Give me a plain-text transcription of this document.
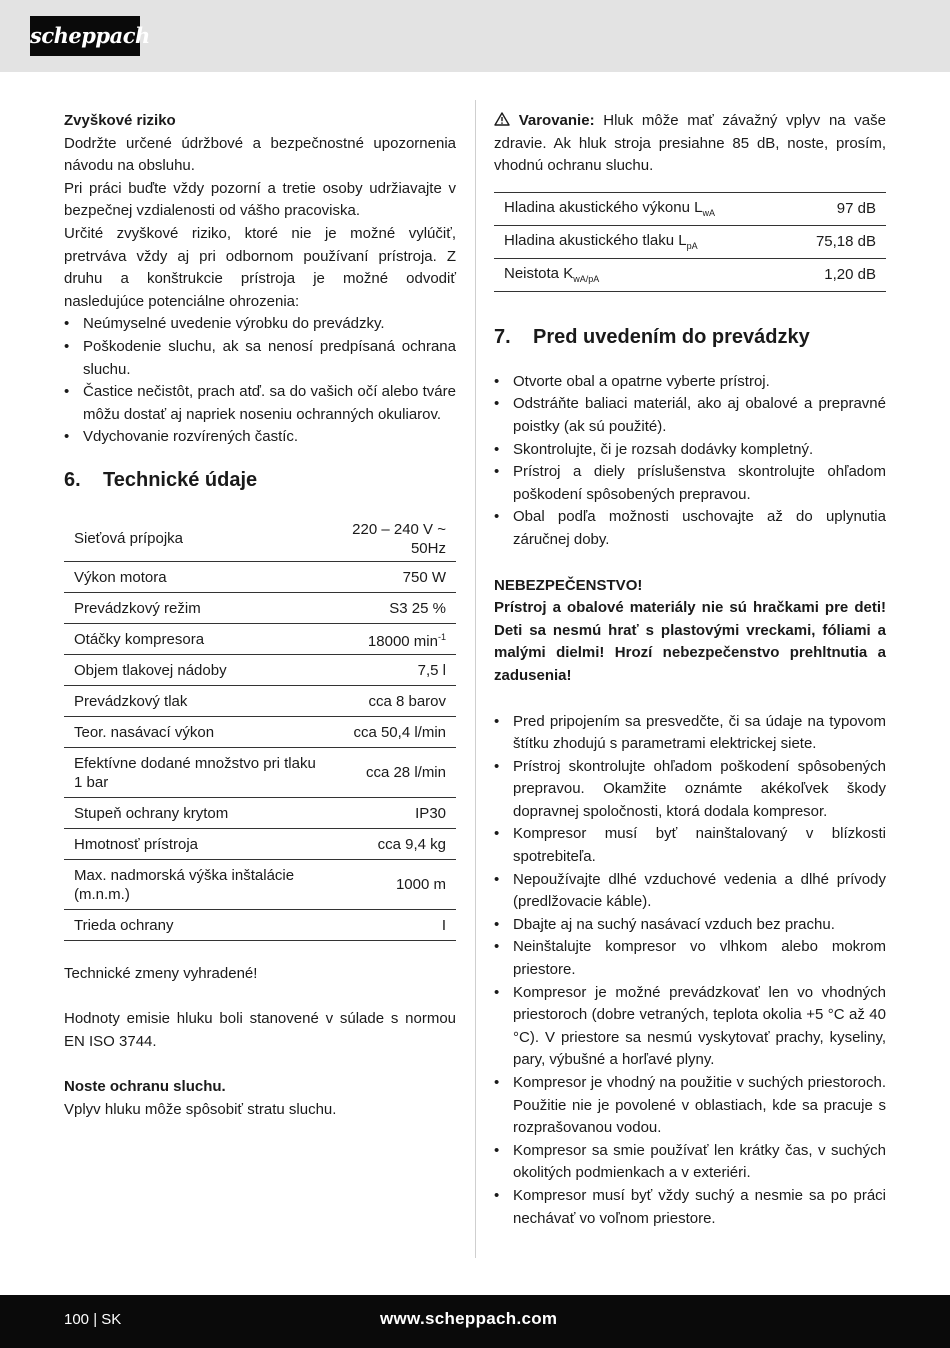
scheppach

Zvyškové riziko

Dodržte určené údržbové a bezpečnostné upozornenia návodu na obsluhu.

Pri práci buďte vždy pozorní a tretie osoby udržiavajte v bezpečnej vzdialenosti od vášho pracoviska.

Určité zvyškové riziko, ktoré nie je možné vylúčiť, pretrváva vždy aj pri odbornom používaní prístroja. Z druhu a konštrukcie prístroja je možné odvodiť nasledujúce potenciálne ohrozenia:

• Neúmyselné uvedenie výrobku do prevádzky.
• Poškodenie sluchu, ak sa nenosí predpísaná ochrana sluchu.
• Častice nečistôt, prach atď. sa do vašich očí alebo tváre môžu dostať aj napriek noseniu ochranných okuliarov.
• Vdychovanie rozvírených častíc.
6.	Technické údaje
Sieťová prípojka	220 – 240 V ~ 50Hz
Výkon motora	750 W
Prevádzkový režim	S3 25 %
Otáčky kompresora	18000 $\min^{-1}$
Objem tlakovej nádoby	7,5 l
Prevádzkový tlak	cca 8 barov
Teor. nasávací výkon	cca 50,4 l/min
Efektívne dodané množstvo pri tlaku 1 bar	cca 28 l/min
Stupeň ochrany krytom	IP30
Hmotnosť prístroja	cca 9,4 kg
Max. nadmorská výška inštalácie (m.n.m.)	1000 m
Trieda ochrany	I

Technické zmeny vyhradené!

Hodnoty emisie hluku boli stanovené v súlade s normou EN ISO 3744.

Noste ochranu sluchu.

Vplyv hluku môže spôsobiť stratu sluchu.

Varovanie: Hluk môže mať závažný vplyv na vaše zdravie. Ak hluk stroja presiahne 85 dB, noste, prosím, vhodnú ochranu sluchu.

Hladina akustického výkonu $L_{wA}$	97 dB
Hladina akustického tlaku $L_{pA}$	75,18 dB
Neistota $K_{wA/pA}$	1,20 dB
7.	Pred uvedením do prevádzky
• Otvorte obal a opatrne vyberte prístroj.
• Odstráňte baliaci materiál, ako aj obalové a prepravné poistky (ak sú použité).
• Skontrolujte, či je rozsah dodávky kompletný.
• Prístroj a diely príslušenstva skontrolujte ohľadom poškodení spôsobených prepravou.
• Obal podľa možnosti uschovajte až do uplynutia záručnej doby.

NEBEZPEČENSTVO!

Prístroj a obalové materiály nie sú hračkami pre deti! Deti sa nesmú hrať s plastovými vreckami, fóliami a malými dielmi! Hrozí nebezpečenstvo prehltnutia a zadusenia!

• Pred pripojením sa presvedčte, či sa údaje na typovom štítku zhodujú s parametrami elektrickej siete.
• Prístroj skontrolujte ohľadom poškodení spôsobených prepravou. Okamžite oznámte akékoľvek škody dopravnej spoločnosti, ktorá dodala kompresor.
• Kompresor musí byť nainštalovaný v blízkosti spotrebiteľa.
• Nepoužívajte dlhé vzduchové vedenia a dlhé prívody (predlžovacie káble).
• Dbajte aj na suchý nasávací vzduch bez prachu.
• Neinštalujte kompresor vo vlhkom alebo mokrom priestore.
• Kompresor je možné prevádzkovať len vo vhodných priestoroch (dobre vetraných, teplota okolia +5 °C až 40 °C). V priestore sa nesmú vyskytovať prachy, kyseliny, pary, výbušné a horľavé plyny.
• Kompresor je vhodný na použitie v suchých priestoroch. Použitie nie je povolené v oblastiach, kde sa pracuje s rozprašovanou vodou.
• Kompresor sa smie používať len krátky čas, v suchých okolitých podmienkach a v exteriéri.
• Kompresor musí byť vždy suchý a nesmie sa po práci nechávať vo voľnom priestore.
100 | SK	www.scheppach.com
